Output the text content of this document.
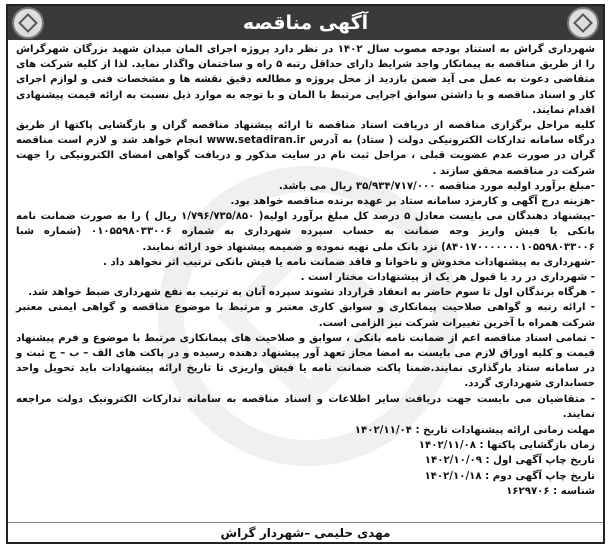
آگهی مناقصه

شهرداری گراش به استناد بودجه مصوب سال ۱۴۰۲ در نظر دارد پروژه اجرای المان میدان شهید بزرگان شهرگراش را از طریق مناقصه به پیمانکار واجد شرایط دارای حداقل رتبه ۵ راه و ساختمان واگذار نماید. لذا از کلیه شرکت های متقاضی دعوت به عمل می آید ضمن بازدید از محل پروژه و مطالعه دقیق نقشه ها و مشخصات فنی و لوازم اجرای کار و اسناد مناقصه و با داشتن سوابق اجرایی مرتبط با المان و با توجه به موارد ذیل نسبت به ارائه قیمت پیشنهادی اقدام نمایند.

کلیه مراحل برگزاری مناقصه از دریافت اسناد مناقصه تا ارائه پیشنهاد مناقصه گران و بازگشایی پاکتها از طریق درگاه سامانه تدارکات الکترونیکی دولت ( ستاد) به آدرس www.setadiran.ir انجام خواهد شد و لازم است مناقصه گران در صورت عدم عضویت قبلی ، مراحل ثبت نام در سایت مذکور و دریافت گواهی امضای الکترونیکی را جهت شرکت در مناقصه محقق سازند .

-مبلغ برآورد اولیه مورد مناقصه ۳۵/۹۳۴/۷۱۷/۰۰۰ ریال می باشد.

-هزینه درج آگهی و کارمزد سامانه ستاد بر عهده برنده مناقصه خواهد بود.

-پیشنهاد دهندگان می بایست معادل ۵ درصد کل مبلغ برآورد اولیه( ۱/۷۹۶/۷۳۵/۸۵۰ ریال ) را به صورت ضمانت نامه بانکی یا فیش واریز وجه ضمانت به حساب سپرده شهرداری به شماره ۰۱۰۵۵۹۸۰۳۳۰۰۶ (شماره شبا ۸۴۰۱۷۰۰۰۰۰۰۰۱۰۵۵۹۸۰۳۳۰۰۶) نزد بانک ملی تهیه نموده و ضمیمه پیشنهاد خود ارائه نمایند.

-شهرداری به پیشنهادات مخدوش و ناخوانا و فاقد ضمانت نامه یا فیش بانکی ترتیب اثر نخواهد داد .

- شهرداری در رد یا قبول هر یک از پیشنهادات مختار است .

- هرگاه برندگان اول تا سوم حاضر به انعقاد قرارداد نشوند سپرده آنان به ترتیب به نفع شهرداری ضبط خواهد شد.

- ارائه رتبه و گواهی صلاحیت پیمانکاری و سوابق کاری معتبر و مرتبط با موضوع مناقصه و گواهی ایمنی معتبر شرکت همراه با آخرین تغییرات شرکت نیز الزامی است.

- تمامی اسناد مناقصه اعم از ضمانت نامه بانکی ، سوابق و صلاحیت های پیمانکاری مرتبط با موضوع و فرم پیشنهاد قیمت و کلیه اوراق لازم می بایست به امضا مجاز تعهد آور پیشنهاد دهنده رسیده و در پاکت های الف – ب – ج ثبت و در سامانه ستاد بارگذاری نمایند.ضمنا پاکت ضمانت نامه یا فیش واریزی تا تاریخ ارائه پیشنهادات باید تحویل واحد حسابداری شهرداری گردد.

- متقاضیان می بایست جهت دریافت سایر اطلاعات و اسناد مناقصه به سامانه تدارکات الکترونیک دولت مراجعه نمایند.

مهلت زمانی ارائه پیشنهادات تاریخ : ۱۴۰۲/۱۱/۰۴

زمان بازگشایی پاکتها : ۱۴۰۲/۱۱/۰۸

تاریخ چاپ آگهی اول : ۱۴۰۲/۱۰/۰۹

تاریخ چاپ آگهی دوم : ۱۴۰۲/۱۰/۱۸

شناسه : ۱۶۲۹۷۰۶

مهدی حلیمی –شهردار گراش
